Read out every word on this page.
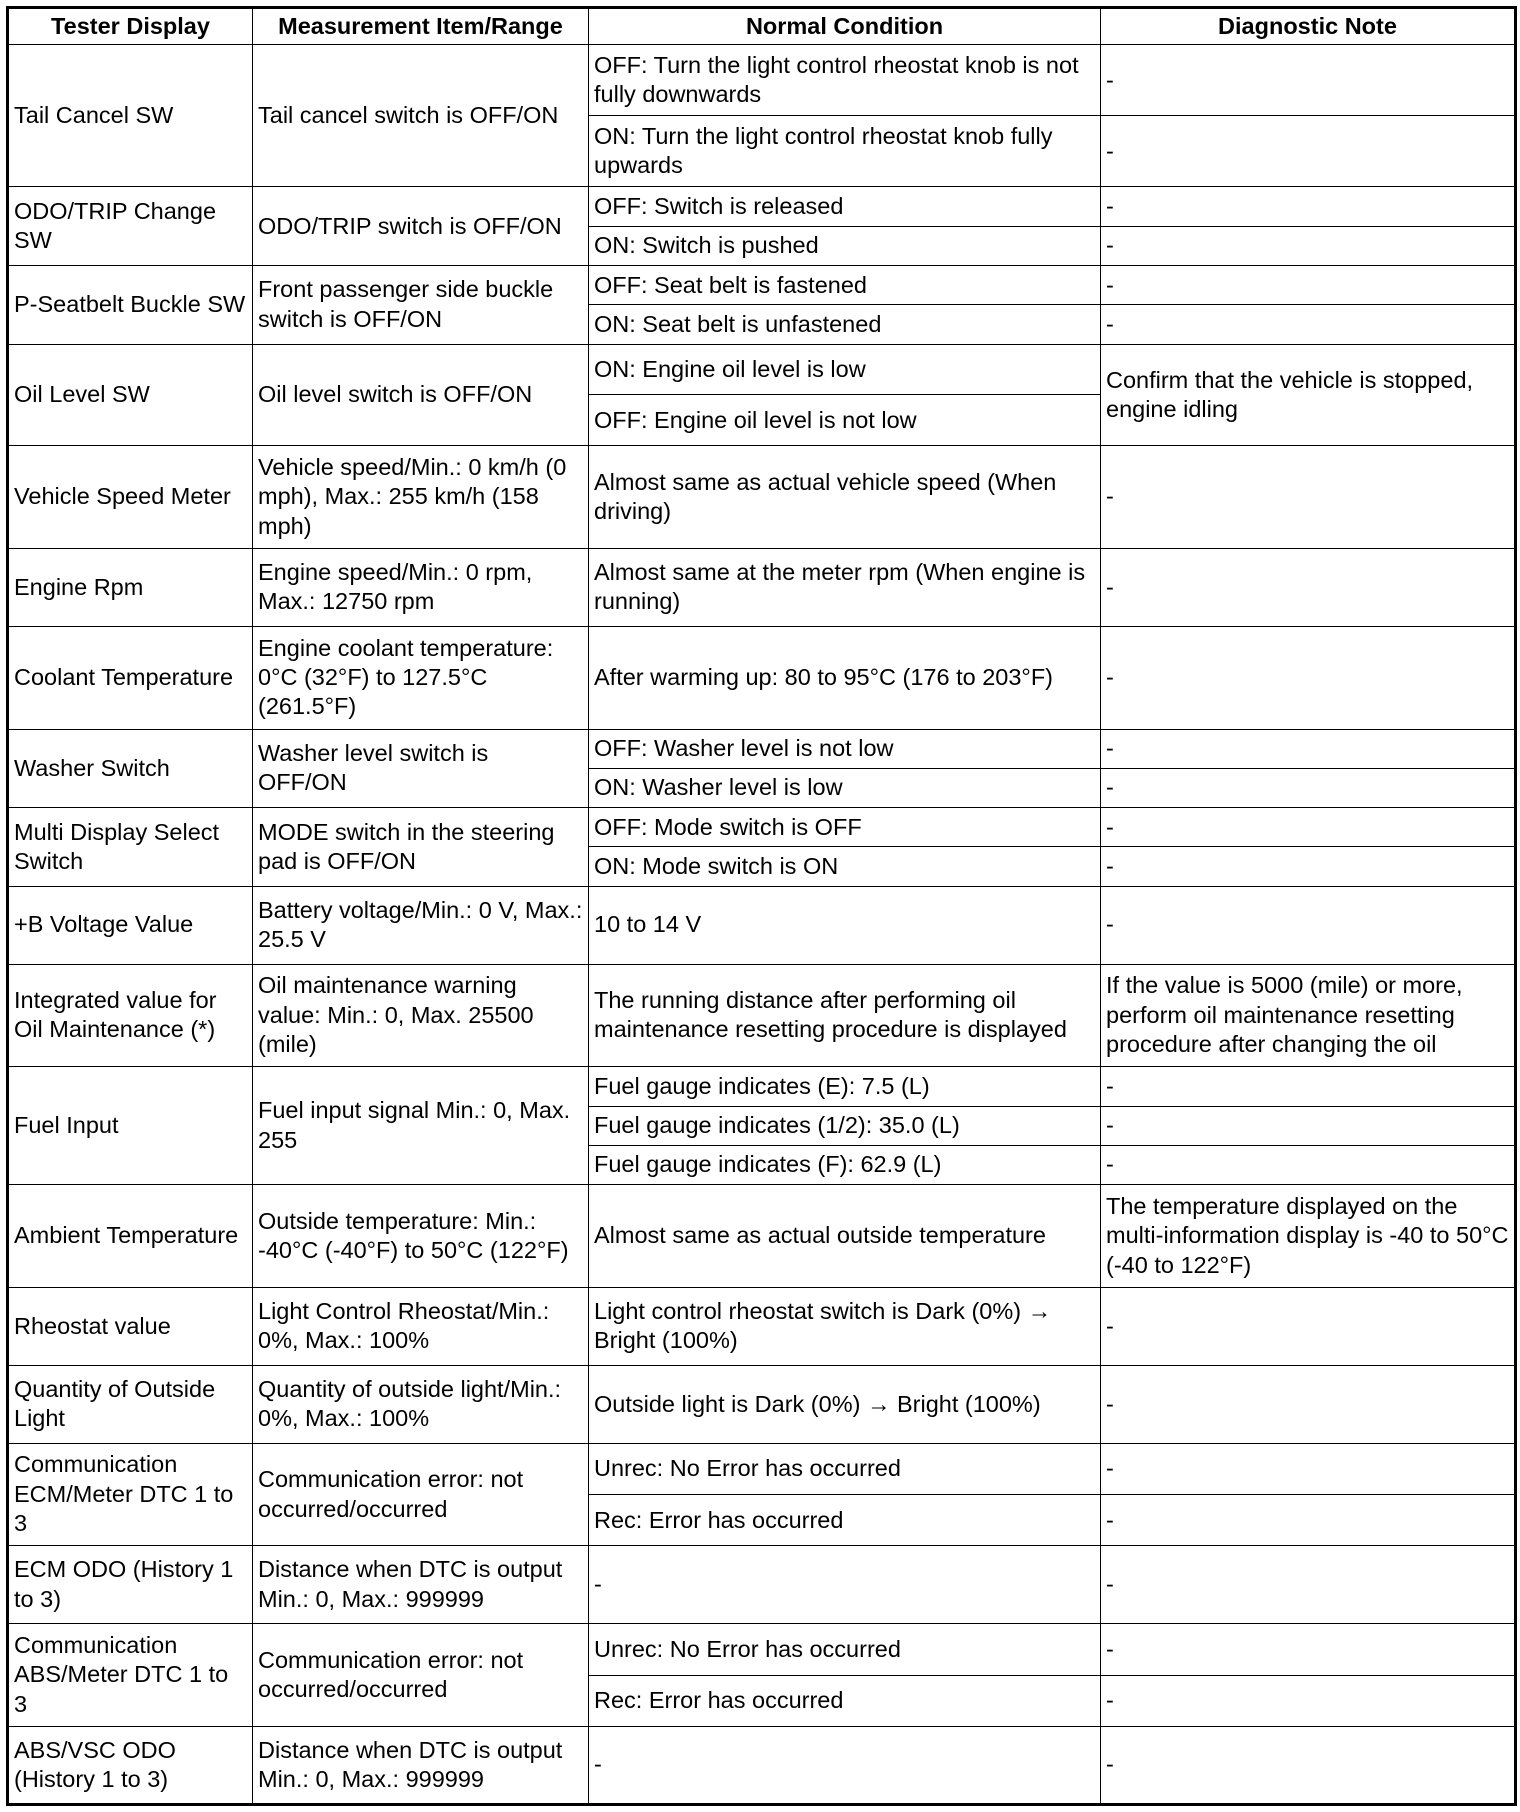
Tester Display	Measurement Item/Range	Normal Condition	Diagnostic Note
Tail Cancel SW	Tail cancel switch is OFF/ON	OFF: Turn the light control rheostat knob is not fully downwards	-
		ON: Turn the light control rheostat knob fully upwards	-
ODO/TRIP Change SW	ODO/TRIP switch is OFF/ON	OFF: Switch is released	-
		ON: Switch is pushed	-
P-Seatbelt Buckle SW	Front passenger side buckle switch is OFF/ON	OFF: Seat belt is fastened	-
		ON: Seat belt is unfastened	-
Oil Level SW	Oil level switch is OFF/ON	ON: Engine oil level is low	Confirm that the vehicle is stopped, engine idling
		OFF: Engine oil level is not low	
Vehicle Speed Meter	Vehicle speed/Min.: 0 km/h (0 mph), Max.: 255 km/h (158 mph)	Almost same as actual vehicle speed (When driving)	-
Engine Rpm	Engine speed/Min.: 0 rpm, Max.: 12750 rpm	Almost same at the meter rpm (When engine is running)	-
Coolant Temperature	Engine coolant temperature: 0°C (32°F) to 127.5°C (261.5°F)	After warming up: 80 to 95°C (176 to 203°F)	-
Washer Switch	Washer level switch is OFF/ON	OFF: Washer level is not low	-
		ON: Washer level is low	-
Multi Display Select Switch	MODE switch in the steering pad is OFF/ON	OFF: Mode switch is OFF	-
		ON: Mode switch is ON	-
+B Voltage Value	Battery voltage/Min.: 0 V, Max.: 25.5 V	10 to 14 V	-
Integrated value for Oil Maintenance (*)	Oil maintenance warning value: Min.: 0, Max. 25500 (mile)	The running distance after performing oil maintenance resetting procedure is displayed	If the value is 5000 (mile) or more, perform oil maintenance resetting procedure after changing the oil
Fuel Input	Fuel input signal Min.: 0, Max. 255	Fuel gauge indicates (E): 7.5 (L)	-
		Fuel gauge indicates (1/2): 35.0 (L)	-
		Fuel gauge indicates (F): 62.9 (L)	-
Ambient Temperature	Outside temperature: Min.: -40°C (-40°F) to 50°C (122°F)	Almost same as actual outside temperature	The temperature displayed on the multi-information display is -40 to 50°C (-40 to 122°F)
Rheostat value	Light Control Rheostat/Min.: 0%, Max.: 100%	Light control rheostat switch is Dark (0%) → Bright (100%)	-
Quantity of Outside Light	Quantity of outside light/Min.: 0%, Max.: 100%	Outside light is Dark (0%) → Bright (100%)	-
Communication ECM/Meter DTC 1 to 3	Communication error: not occurred/occurred	Unrec: No Error has occurred	-
		Rec: Error has occurred	-
ECM ODO (History 1 to 3)	Distance when DTC is output Min.: 0, Max.: 999999	-	-
Communication ABS/Meter DTC 1 to 3	Communication error: not occurred/occurred	Unrec: No Error has occurred	-
		Rec: Error has occurred	-
ABS/VSC ODO (History 1 to 3)	Distance when DTC is output Min.: 0, Max.: 999999	-	-
